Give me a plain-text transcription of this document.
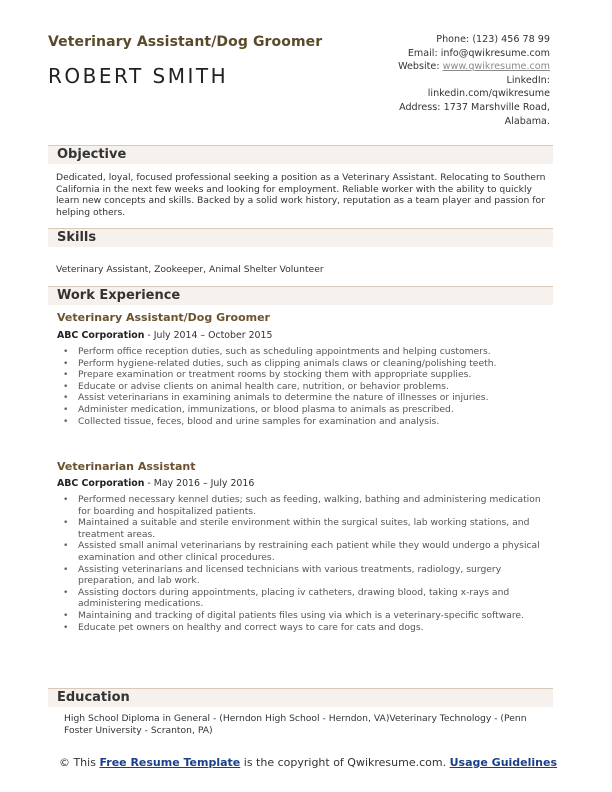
Veterinary Assistant/Dog Groomer
ROBERT SMITH
Phone: (123) 456 78 99
Email: info@qwikresume.com
Website: www.qwikresume.com
LinkedIn:
linkedin.com/qwikresume
Address: 1737 Marshville Road,
Alabama.
Objective
Dedicated, loyal, focused professional seeking a position as a Veterinary Assistant. Relocating to Southern California in the next few weeks and looking for employment. Reliable worker with the ability to quickly learn new concepts and skills. Backed by a solid work history, reputation as a team player and passion for helping others.
Skills
Veterinary Assistant, Zookeeper, Animal Shelter Volunteer
Work Experience
Veterinary Assistant/Dog Groomer
ABC Corporation - July 2014 – October 2015
• Perform office reception duties, such as scheduling appointments and helping customers.
• Perform hygiene-related duties, such as clipping animals claws or cleaning/polishing teeth.
• Prepare examination or treatment rooms by stocking them with appropriate supplies.
• Educate or advise clients on animal health care, nutrition, or behavior problems.
• Assist veterinarians in examining animals to determine the nature of illnesses or injuries.
• Administer medication, immunizations, or blood plasma to animals as prescribed.
• Collected tissue, feces, blood and urine samples for examination and analysis.
Veterinarian Assistant
ABC Corporation - May 2016 – July 2016
• Performed necessary kennel duties; such as feeding, walking, bathing and administering medication for boarding and hospitalized patients.
• Maintained a suitable and sterile environment within the surgical suites, lab working stations, and treatment areas.
• Assisted small animal veterinarians by restraining each patient while they would undergo a physical examination and other clinical procedures.
• Assisting veterinarians and licensed technicians with various treatments, radiology, surgery preparation, and lab work.
• Assisting doctors during appointments, placing iv catheters, drawing blood, taking x-rays and administering medications.
• Maintaining and tracking of digital patients files using via which is a veterinary-specific software.
• Educate pet owners on healthy and correct ways to care for cats and dogs.
Education
High School Diploma in General - (Herndon High School - Herndon, VA)Veterinary Technology - (Penn Foster University - Scranton, PA)
© This Free Resume Template is the copyright of Qwikresume.com. Usage Guidelines
